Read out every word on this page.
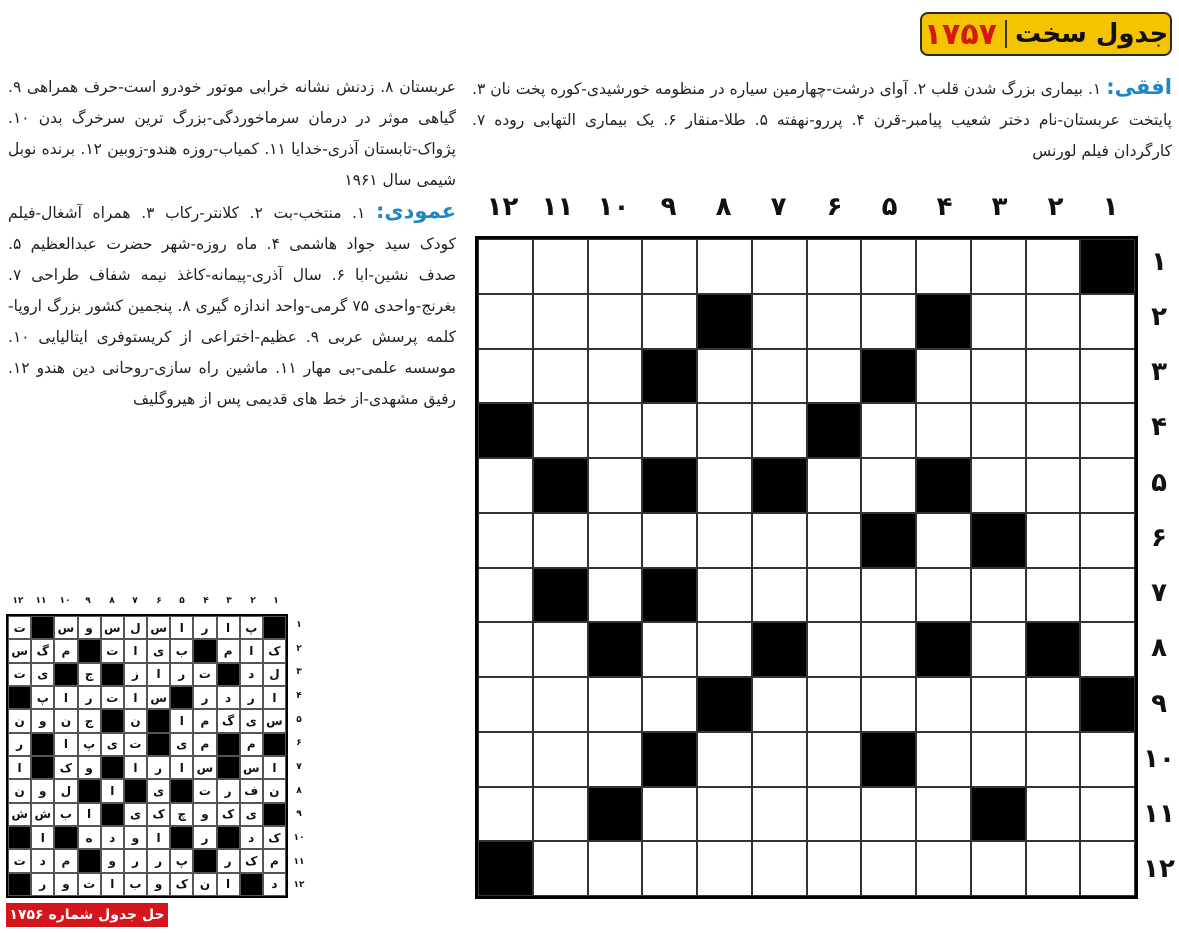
جدول سخت
۱۷۵۷
افقی: ۱. بیماری بزرگ شدن قلب ۲. آوای درشت-چهارمین سیاره در منظومه خورشیدی-کوره پخت نان ۳. پایتخت عربستان-نام دختر شعیب پیامبر-قرن ۴. پررو-نهفته ۵. طلا-منقار ۶. یک بیماری التهابی روده ۷. کارگردان فیلم لورنس
عربستان ۸. زدنش نشانه خرابی موتور خودرو است-حرف همراهی ۹. گیاهی موثر در درمان سرماخوردگی-بزرگ ترین سرخرگ بدن ۱۰. پژواک-تابستان آذری-خدایا ۱۱. کمیاب-روزه هندو-زوبین ۱۲. برنده نوبل شیمی سال ۱۹۶۱
عمودی: ۱. منتخب-بت ۲. کلانتر-رکاب ۳. همراه آشغال-فیلم کودک سید جواد هاشمی ۴. ماه روزه-شهر حضرت عبدالعظیم ۵. صدف نشین-ابا ۶. سال آذری-پیمانه-کاغذ نیمه شفاف طراحی ۷. بغرنج-واحدی ۷۵ گرمی-واحد اندازه گیری ۸. پنجمین کشور بزرگ اروپا-کلمه پرسش عربی ۹. عظیم-اختراعی از کریستوفری ایتالیایی ۱۰. موسسه علمی-بی مهار ۱۱. ماشین راه سازی-روحانی دین هندو ۱۲. رفیق مشهدی-از خط های قدیمی پس از هیروگلیف
۱
۲
۳
۴
۵
۶
۷
۸
۹
۱۰
۱۱
۱۲
۱
۲
۳
۴
۵
۶
۷
۸
۹
۱۰
۱۱
۱۲
۱
۲
۳
۴
۵
۶
۷
۸
۹
۱۰
۱۱
۱۲
۱
۲
۳
۴
۵
۶
۷
۸
۹
۱۰
۱۱
۱۲
پ
ا
ر
ا
س
ل
س
و
س
ت
ک
ا
م
ب
ی
ا
ت
م
گ
س
ل
د
ت
ر
ا
ز
ج
ی
ت
ا
ر
د
ر
س
ا
ت
ر
ا
پ
س
ی
گ
م
ا
ن
ج
ن
و
ن
م
م
ی
ت
ی
پ
ا
ر
ا
س
س
ا
ر
ا
و
ک
ا
ن
ف
ر
ت
ی
ا
ل
و
ن
ی
ک
و
چ
ک
ی
ا
ب
ش
ش
ک
د
ر
ا
و
د
ه
ا
م
ک
ر
پ
ر
ر
و
م
د
ت
د
ا
ن
ک
و
ب
ا
ت
و
ر
حل جدول شماره ۱۷۵۶
